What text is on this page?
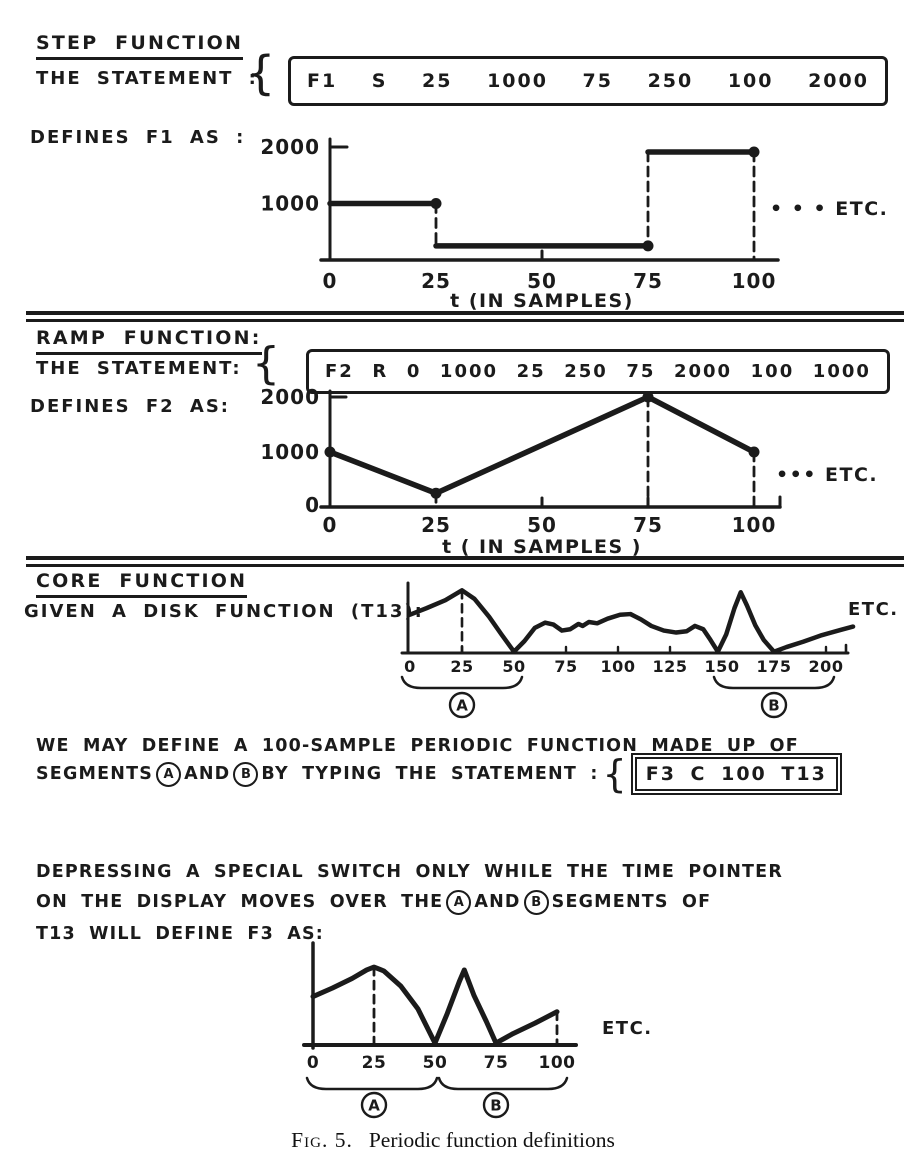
STEP FUNCTION
THE STATEMENT :
{ F1 S 25 1000 75 250 100 2000
DEFINES F1 AS : 2000
1000
0	25	50	75	100
t (IN SAMPLES)
• • • ETC.
RAMP FUNCTION:
THE STATEMENT: {	F2 R 0 1000 25 250 75 2000 100 1000
DEFINES F2 AS: 2000
1000
0
0	25	50	75	100
t ( IN SAMPLES )
••• ETC.
CORE FUNCTION
GIVEN A DISK FUNCTION (T13):
0 25 50 75 100 125 150 175 200
A	B
ETC.
WE MAY DEFINE A 100-SAMPLE PERIODIC FUNCTION MADE UP OF
SEGMENTS A AND B BY TYPING THE STATEMENT : {	F3 C 100 T13
DEPRESSING A SPECIAL SWITCH ONLY WHILE THE TIME POINTER
ON THE DISPLAY MOVES OVER THE A AND B SEGMENTS OF
T13 WILL DEFINE F3 AS:
0 25 50 75 100
A	B
ETC.
Fig. 5. Periodic function definitions
